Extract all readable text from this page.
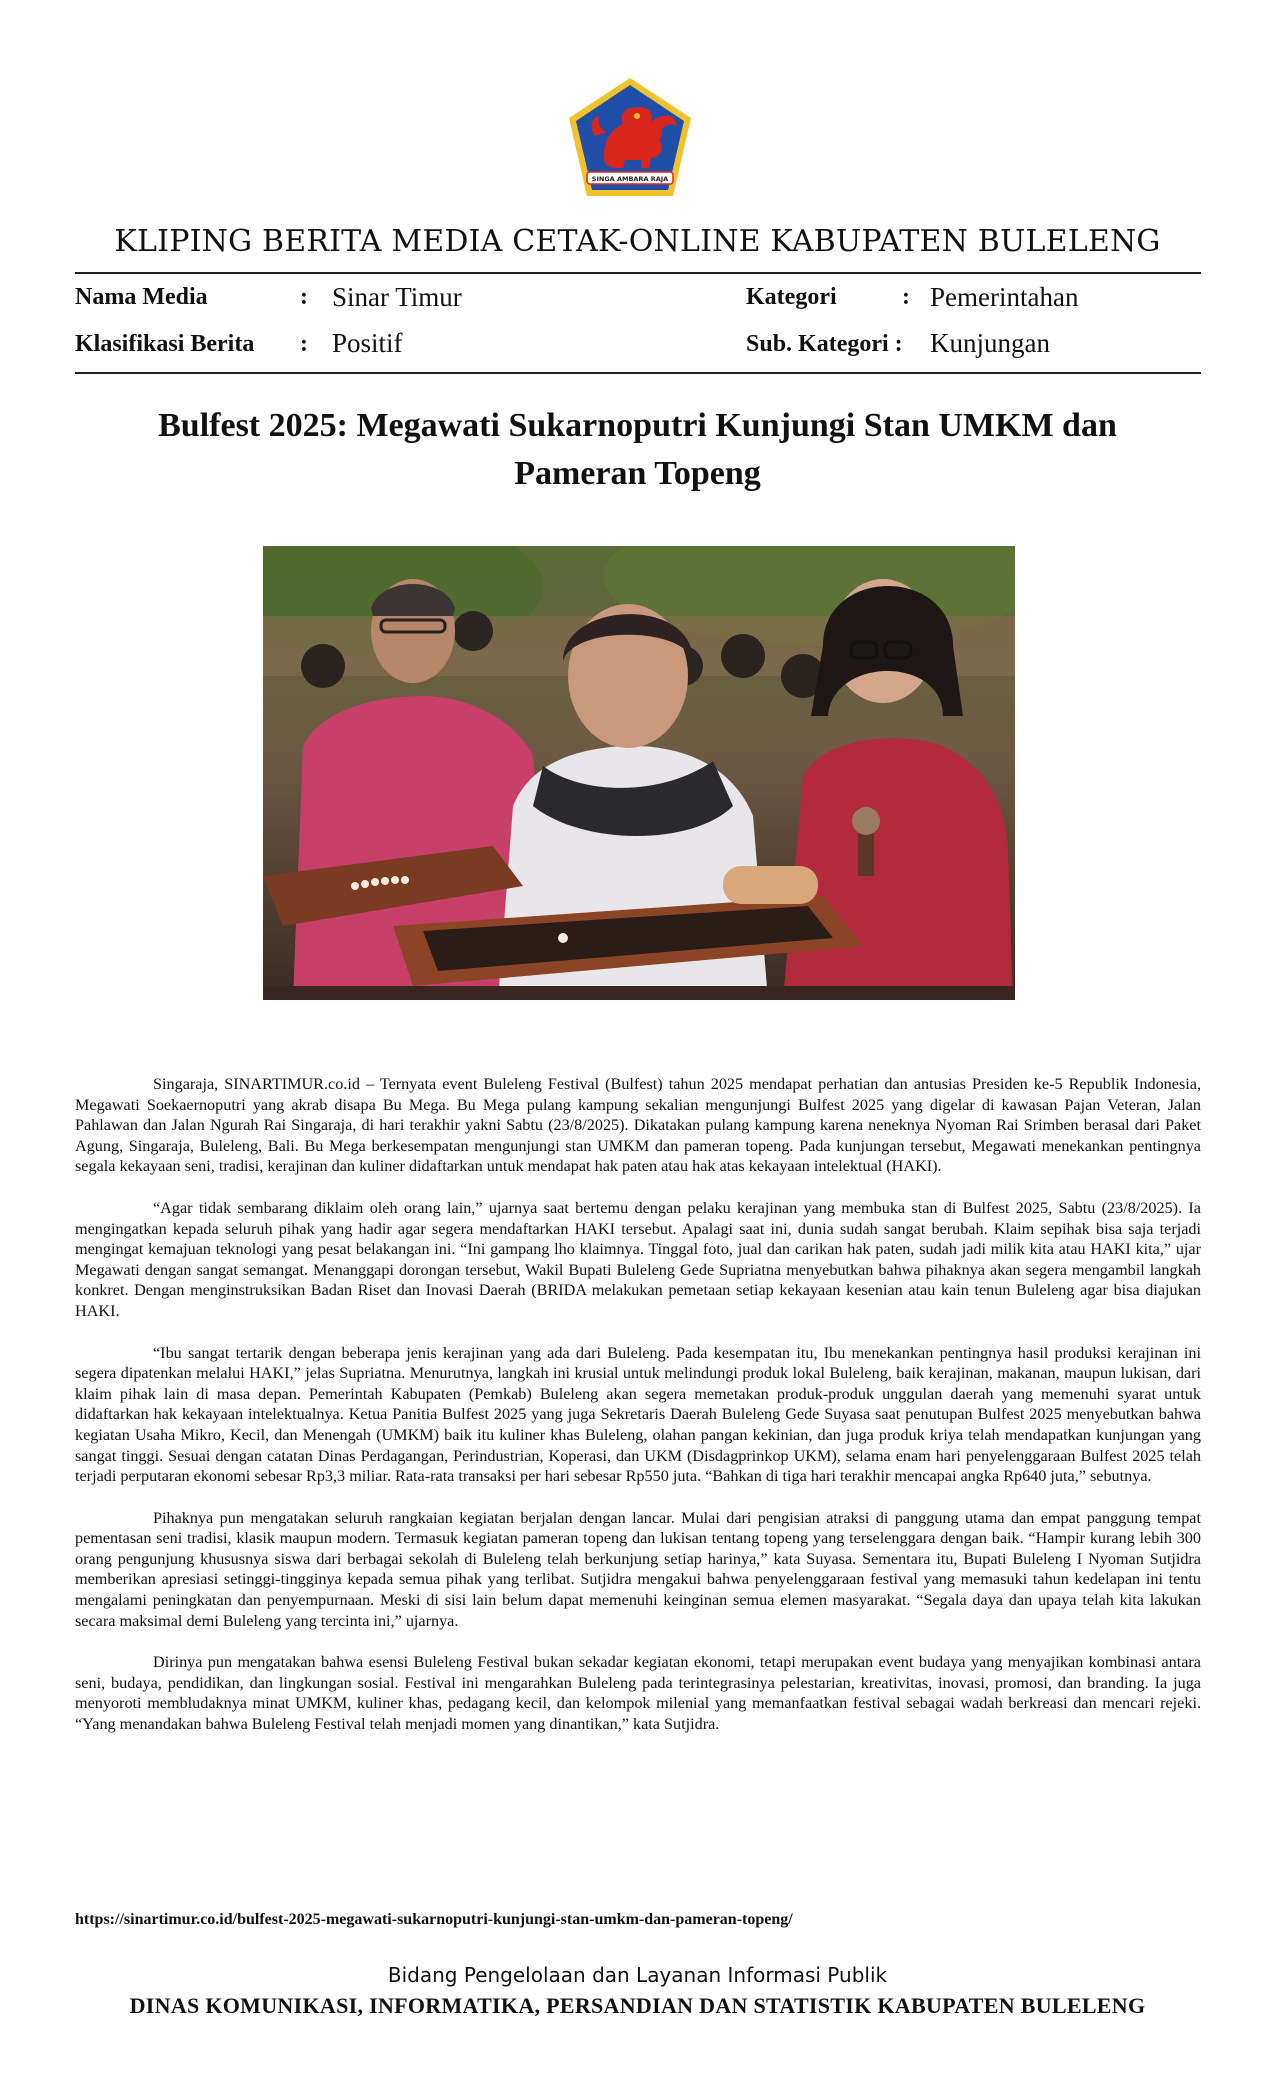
SINGA AMBARA RAJA
KLIPING BERITA MEDIA CETAK-ONLINE KABUPATEN BULELENG
Nama Media	: Sinar Timur	Kategori	: Pemerintahan
Klasifikasi Berita : Positif	Sub. Kategori : Kunjungan
Bulfest 2025: Megawati Sukarnoputri Kunjungi Stan UMKM dan Pameran Topeng

Singaraja, SINARTIMUR.co.id – Ternyata event Buleleng Festival (Bulfest) tahun 2025 mendapat perhatian dan antusias Presiden ke-5 Republik Indonesia, Megawati Soekaernoputri yang akrab disapa Bu Mega. Bu Mega pulang kampung sekalian mengunjungi Bulfest 2025 yang digelar di kawasan Pajan Veteran, Jalan Pahlawan dan Jalan Ngurah Rai Singaraja, di hari terakhir yakni Sabtu (23/8/2025). Dikatakan pulang kampung karena neneknya Nyoman Rai Srimben berasal dari Paket Agung, Singaraja, Buleleng, Bali. Bu Mega berkesempatan mengunjungi stan UMKM dan pameran topeng. Pada kunjungan tersebut, Megawati menekankan pentingnya segala kekayaan seni, tradisi, kerajinan dan kuliner didaftarkan untuk mendapat hak paten atau hak atas kekayaan intelektual (HAKI).

“Agar tidak sembarang diklaim oleh orang lain,” ujarnya saat bertemu dengan pelaku kerajinan yang membuka stan di Bulfest 2025, Sabtu (23/8/2025). Ia mengingatkan kepada seluruh pihak yang hadir agar segera mendaftarkan HAKI tersebut. Apalagi saat ini, dunia sudah sangat berubah. Klaim sepihak bisa saja terjadi mengingat kemajuan teknologi yang pesat belakangan ini. “Ini gampang lho klaimnya. Tinggal foto, jual dan carikan hak paten, sudah jadi milik kita atau HAKI kita,” ujar Megawati dengan sangat semangat. Menanggapi dorongan tersebut, Wakil Bupati Buleleng Gede Supriatna menyebutkan bahwa pihaknya akan segera mengambil langkah konkret. Dengan menginstruksikan Badan Riset dan Inovasi Daerah (BRIDA melakukan pemetaan setiap kekayaan kesenian atau kain tenun Buleleng agar bisa diajukan HAKI.

“Ibu sangat tertarik dengan beberapa jenis kerajinan yang ada dari Buleleng. Pada kesempatan itu, Ibu menekankan pentingnya hasil produksi kerajinan ini segera dipatenkan melalui HAKI,” jelas Supriatna. Menurutnya, langkah ini krusial untuk melindungi produk lokal Buleleng, baik kerajinan, makanan, maupun lukisan, dari klaim pihak lain di masa depan. Pemerintah Kabupaten (Pemkab) Buleleng akan segera memetakan produk-produk unggulan daerah yang memenuhi syarat untuk didaftarkan hak kekayaan intelektualnya. Ketua Panitia Bulfest 2025 yang juga Sekretaris Daerah Buleleng Gede Suyasa saat penutupan Bulfest 2025 menyebutkan bahwa kegiatan Usaha Mikro, Kecil, dan Menengah (UMKM) baik itu kuliner khas Buleleng, olahan pangan kekinian, dan juga produk kriya telah mendapatkan kunjungan yang sangat tinggi. Sesuai dengan catatan Dinas Perdagangan, Perindustrian, Koperasi, dan UKM (Disdagprinkop UKM), selama enam hari penyelenggaraan Bulfest 2025 telah terjadi perputaran ekonomi sebesar Rp3,3 miliar. Rata-rata transaksi per hari sebesar Rp550 juta. “Bahkan di tiga hari terakhir mencapai angka Rp640 juta,” sebutnya.

Pihaknya pun mengatakan seluruh rangkaian kegiatan berjalan dengan lancar. Mulai dari pengisian atraksi di panggung utama dan empat panggung tempat pementasan seni tradisi, klasik maupun modern. Termasuk kegiatan pameran topeng dan lukisan tentang topeng yang terselenggara dengan baik. “Hampir kurang lebih 300 orang pengunjung khususnya siswa dari berbagai sekolah di Buleleng telah berkunjung setiap harinya,” kata Suyasa. Sementara itu, Bupati Buleleng I Nyoman Sutjidra memberikan apresiasi setinggi-tingginya kepada semua pihak yang terlibat. Sutjidra mengakui bahwa penyelenggaraan festival yang memasuki tahun kedelapan ini tentu mengalami peningkatan dan penyempurnaan. Meski di sisi lain belum dapat memenuhi keinginan semua elemen masyarakat. “Segala daya dan upaya telah kita lakukan secara maksimal demi Buleleng yang tercinta ini,” ujarnya.

Dirinya pun mengatakan bahwa esensi Buleleng Festival bukan sekadar kegiatan ekonomi, tetapi merupakan event budaya yang menyajikan kombinasi antara seni, budaya, pendidikan, dan lingkungan sosial. Festival ini mengarahkan Buleleng pada terintegrasinya pelestarian, kreativitas, inovasi, promosi, dan branding. Ia juga menyoroti membludaknya minat UMKM, kuliner khas, pedagang kecil, dan kelompok milenial yang memanfaatkan festival sebagai wadah berkreasi dan mencari rejeki. “Yang menandakan bahwa Buleleng Festival telah menjadi momen yang dinantikan,” kata Sutjidra.

https://sinartimur.co.id/bulfest-2025-megawati-sukarnoputri-kunjungi-stan-umkm-dan-pameran-topeng/
Bidang Pengelolaan dan Layanan Informasi Publik
DINAS KOMUNIKASI, INFORMATIKA, PERSANDIAN DAN STATISTIK KABUPATEN BULELENG
